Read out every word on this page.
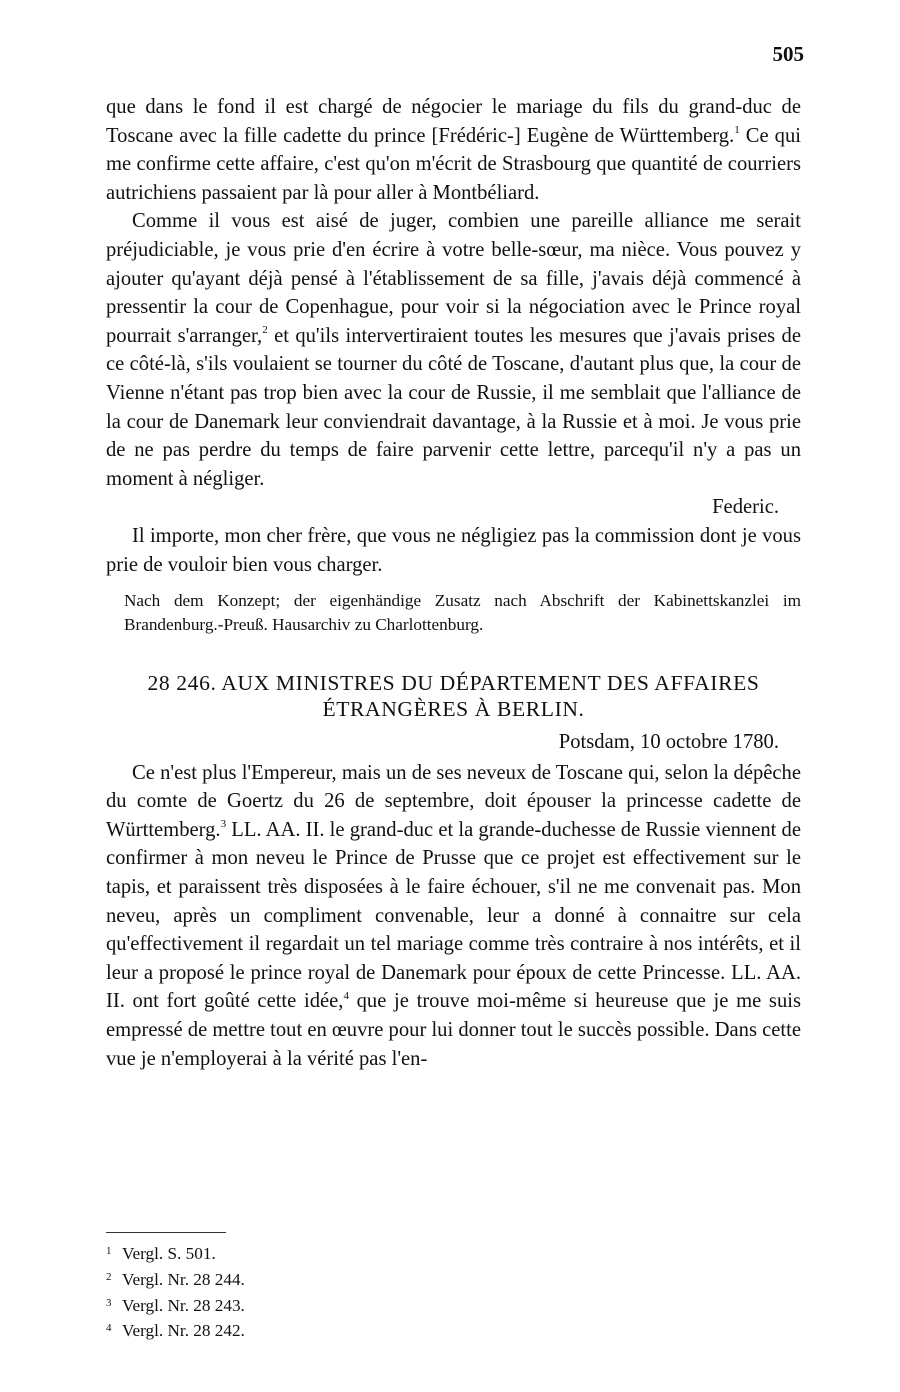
505

que dans le fond il est chargé de négocier le mariage du fils du grand-duc de Toscane avec la fille cadette du prince [Frédéric-] Eugène de Württemberg.$^1$ Ce qui me confirme cette affaire, c'est qu'on m'écrit de Strasbourg que quantité de courriers autrichiens passaient par là pour aller à Montbéliard.

Comme il vous est aisé de juger, combien une pareille alliance me serait préjudiciable, je vous prie d'en écrire à votre belle-sœur, ma nièce. Vous pouvez y ajouter qu'ayant déjà pensé à l'établissement de sa fille, j'avais déjà commencé à pressentir la cour de Copenhague, pour voir si la négociation avec le Prince royal pourrait s'arranger,$^2$ et qu'ils intervertiraient toutes les mesures que j'avais prises de ce côté-là, s'ils voulaient se tourner du côté de Toscane, d'autant plus que, la cour de Vienne n'étant pas trop bien avec la cour de Russie, il me semblait que l'alliance de la cour de Danemark leur conviendrait davantage, à la Russie et à moi. Je vous prie de ne pas perdre du temps de faire parvenir cette lettre, parcequ'il n'y a pas un moment à négliger.

Federic.

Il importe, mon cher frère, que vous ne négligiez pas la commission dont je vous prie de vouloir bien vous charger.

Nach dem Konzept; der eigenhändige Zusatz nach Abschrift der Kabinettskanzlei im Brandenburg.-Preuß. Hausarchiv zu Charlottenburg.

28 246. AUX MINISTRES DU DÉPARTEMENT DES AFFAIRES ÉTRANGÈRES À BERLIN.

Potsdam, 10 octobre 1780.

Ce n'est plus l'Empereur, mais un de ses neveux de Toscane qui, selon la dépêche du comte de Goertz du 26 de septembre, doit épouser la princesse cadette de Württemberg.$^3$ LL. AA. II. le grand-duc et la grande-duchesse de Russie viennent de confirmer à mon neveu le Prince de Prusse que ce projet est effectivement sur le tapis, et paraissent très disposées à le faire échouer, s'il ne me convenait pas. Mon neveu, après un compliment convenable, leur a donné à connaitre sur cela qu'effectivement il regardait un tel mariage comme très contraire à nos intérêts, et il leur a proposé le prince royal de Danemark pour époux de cette Princesse. LL. AA. II. ont fort goûté cette idée,$^4$ que je trouve moi-même si heureuse que je me suis empressé de mettre tout en œuvre pour lui donner tout le succès possible. Dans cette vue je n'employerai à la vérité pas l'en-

1 Vergl. S. 501.

2 Vergl. Nr. 28 244.

3 Vergl. Nr. 28 243.

4 Vergl. Nr. 28 242.
